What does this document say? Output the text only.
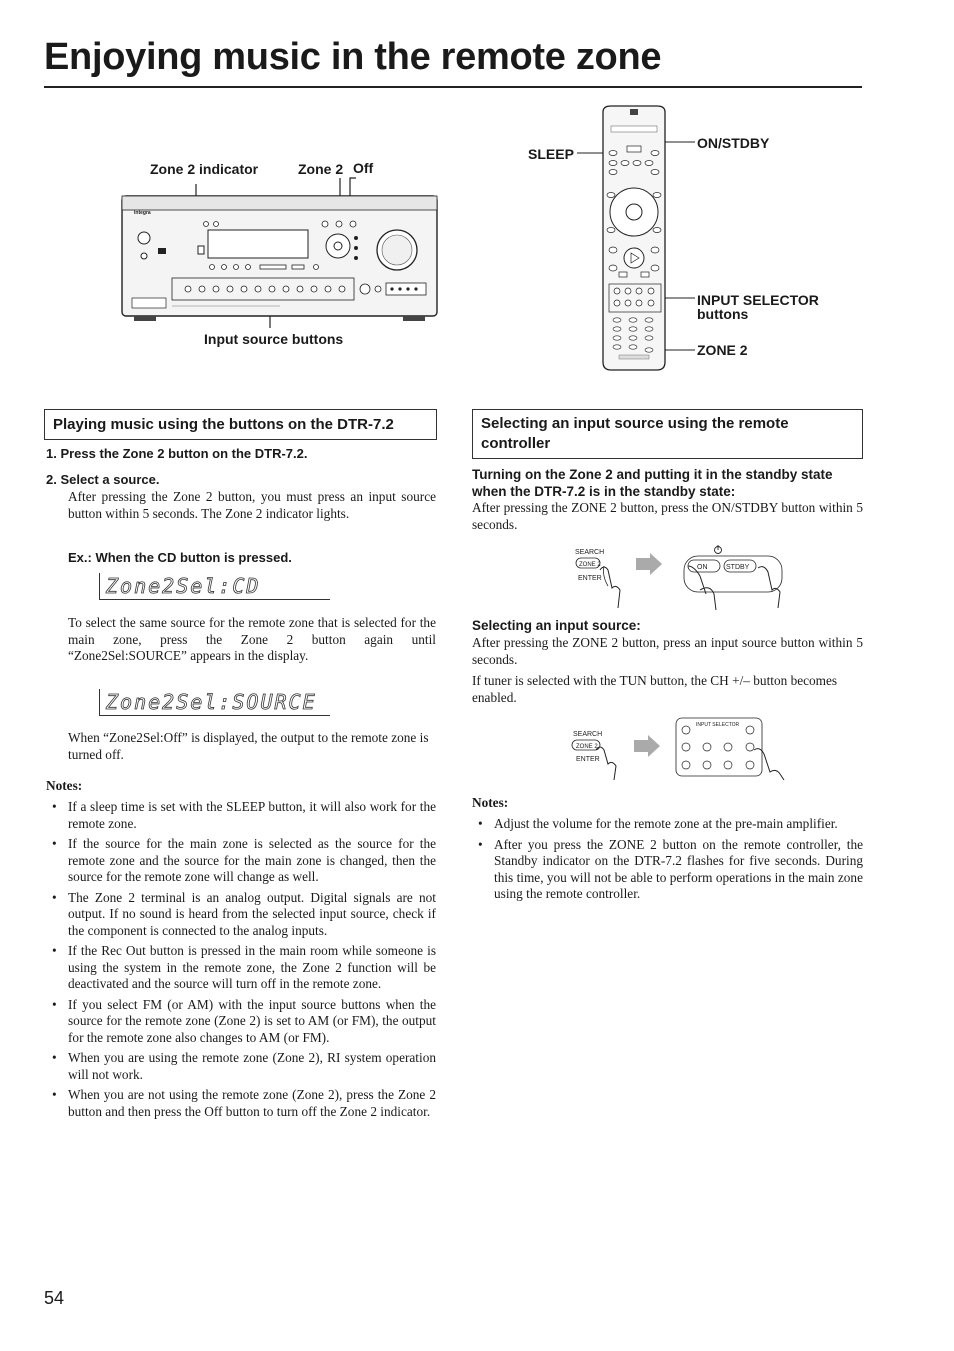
Enjoying music in the remote zone
Zone 2 indicator	Zone 2 Off
Input source buttons
Integra
SLEEP
ON/STDBY
INPUT SELECTOR
buttons
ZONE 2
Playing music using the buttons on the DTR-7.2
1. Press the Zone 2 button on the DTR-7.2.
2. Select a source.
After pressing the Zone 2 button, you must press an input source button within 5 seconds. The Zone 2 indicator lights.
Ex.: When the CD button is pressed.
Zone2Sel:CD
To select the same source for the remote zone that is selected for the main zone, press the Zone 2 button again until “Zone2Sel:SOURCE” appears in the display.
Zone2Sel:SOURCE
When “Zone2Sel:Off” is displayed, the output to the remote zone is turned off.
Notes:
• If a sleep time is set with the SLEEP button, it will also work for the remote zone.
• If the source for the main zone is selected as the source for the remote zone and the source for the main zone is changed, then the source for the remote zone will change as well.
• The Zone 2 terminal is an analog output. Digital signals are not output. If no sound is heard from the selected input source, check if the component is connected to the analog inputs.
• If the Rec Out button is pressed in the main room while someone is using the system in the remote zone, the Zone 2 function will be deactivated and the source will turn off in the remote zone.
• If you select FM (or AM) with the input source buttons when the source for the remote zone (Zone 2) is set to AM (or FM), the output for the remote zone also changes to AM (or FM).
• When you are using the remote zone (Zone 2), RI system operation will not work.
• When you are not using the remote zone (Zone 2), press the Zone 2 button and then press the Off button to turn off the Zone 2 indicator.
Selecting an input source using the remote controller
Turning on the Zone 2 and putting it in the standby state when the DTR-7.2 is in the standby state:
After pressing the ZONE 2 button, press the ON/STDBY button within 5 seconds.
SEARCH
ZONE 2
ENTER
ON	STDBY
Selecting an input source:
After pressing the ZONE 2 button, press an input source button within 5 seconds.
If tuner is selected with the TUN button, the CH +/– button becomes enabled.
SEARCH
ZONE 2
ENTER
INPUT SELECTOR
Notes:
• Adjust the volume for the remote zone at the pre-main amplifier.
• After you press the ZONE 2 button on the remote controller, the Standby indicator on the DTR-7.2 flashes for five seconds. During this time, you will not be able to perform operations in the main zone using the remote controller.
54
